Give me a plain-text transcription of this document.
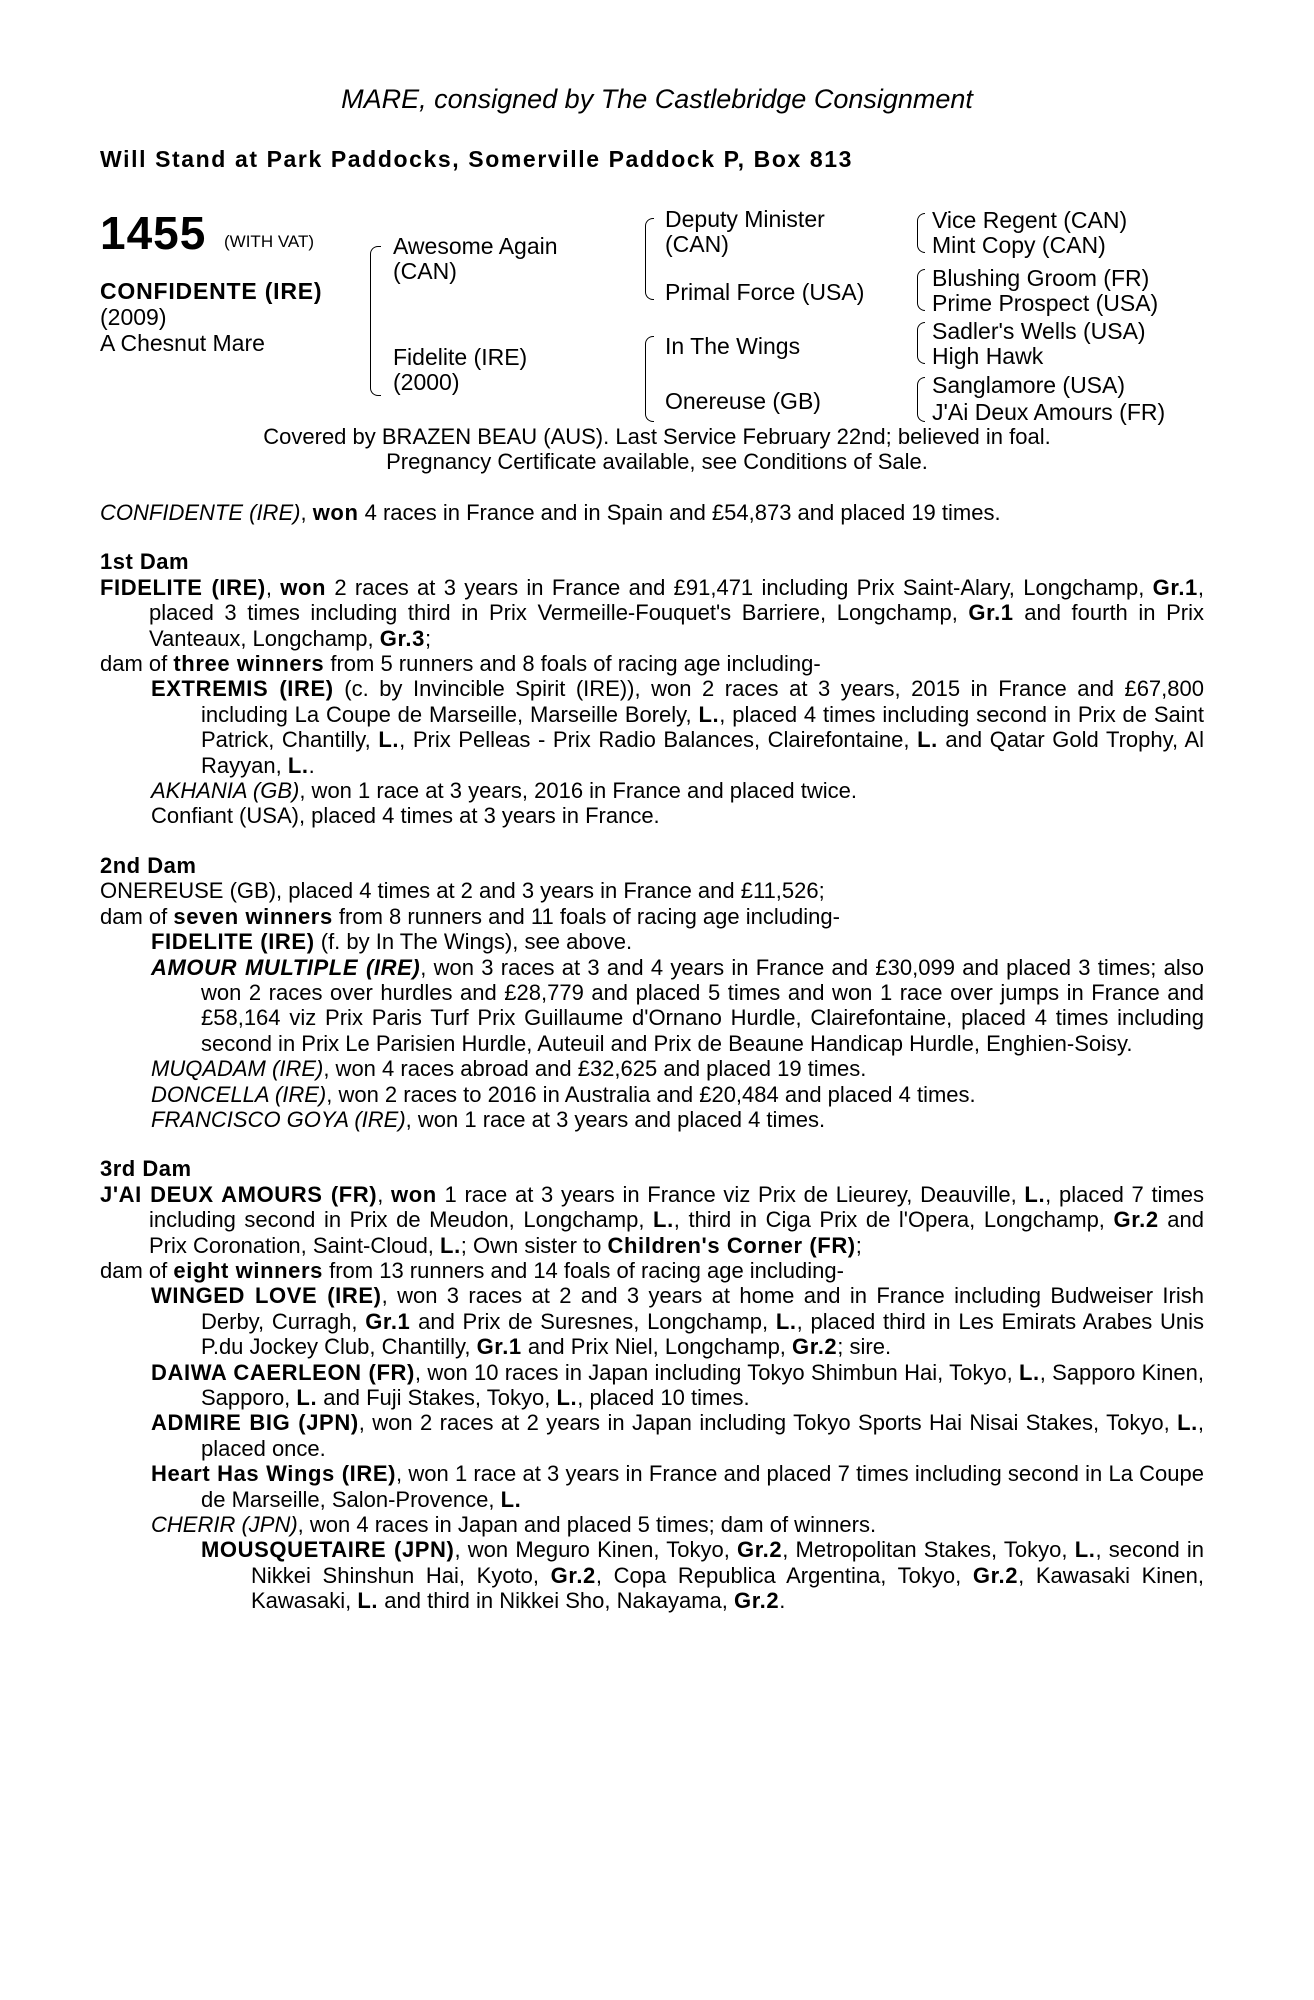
MARE, consigned by The Castlebridge Consignment
Will Stand at Park Paddocks, Somerville Paddock P, Box 813
1455 (WITH VAT)
CONFIDENTE (IRE)
(2009)
A Chesnut Mare
Awesome Again
(CAN)
Fidelite (IRE)
(2000)
Deputy Minister
(CAN)
Primal Force (USA)
In The Wings
Onereuse (GB)
Vice Regent (CAN)
Mint Copy (CAN)
Blushing Groom (FR)
Prime Prospect (USA)
Sadler's Wells (USA)
High Hawk
Sanglamore (USA)
J'Ai Deux Amours (FR)
Covered by BRAZEN BEAU (AUS). Last Service February 22nd; believed in foal.
Pregnancy Certificate available, see Conditions of Sale.

CONFIDENTE (IRE), won 4 races in France and in Spain and £54,873 and placed 19 times.

1st Dam

FIDELITE (IRE), won 2 races at 3 years in France and £91,471 including Prix Saint-Alary, Longchamp, Gr.1, placed 3 times including third in Prix Vermeille-Fouquet's Barriere, Longchamp, Gr.1 and fourth in Prix Vanteaux, Longchamp, Gr.3;

dam of three winners from 5 runners and 8 foals of racing age including-

EXTREMIS (IRE) (c. by Invincible Spirit (IRE)), won 2 races at 3 years, 2015 in France and £67,800 including La Coupe de Marseille, Marseille Borely, L., placed 4 times including second in Prix de Saint Patrick, Chantilly, L., Prix Pelleas - Prix Radio Balances, Clairefontaine, L. and Qatar Gold Trophy, Al Rayyan, L..

AKHANIA (GB), won 1 race at 3 years, 2016 in France and placed twice.

Confiant (USA), placed 4 times at 3 years in France.

2nd Dam

ONEREUSE (GB), placed 4 times at 2 and 3 years in France and £11,526;

dam of seven winners from 8 runners and 11 foals of racing age including-

FIDELITE (IRE) (f. by In The Wings), see above.

AMOUR MULTIPLE (IRE), won 3 races at 3 and 4 years in France and £30,099 and placed 3 times; also won 2 races over hurdles and £28,779 and placed 5 times and won 1 race over jumps in France and £58,164 viz Prix Paris Turf Prix Guillaume d'Ornano Hurdle, Clairefontaine, placed 4 times including second in Prix Le Parisien Hurdle, Auteuil and Prix de Beaune Handicap Hurdle, Enghien-Soisy.

MUQADAM (IRE), won 4 races abroad and £32,625 and placed 19 times.

DONCELLA (IRE), won 2 races to 2016 in Australia and £20,484 and placed 4 times.

FRANCISCO GOYA (IRE), won 1 race at 3 years and placed 4 times.

3rd Dam

J'AI DEUX AMOURS (FR), won 1 race at 3 years in France viz Prix de Lieurey, Deauville, L., placed 7 times including second in Prix de Meudon, Longchamp, L., third in Ciga Prix de l'Opera, Longchamp, Gr.2 and Prix Coronation, Saint-Cloud, L.; Own sister to Children's Corner (FR);

dam of eight winners from 13 runners and 14 foals of racing age including-

WINGED LOVE (IRE), won 3 races at 2 and 3 years at home and in France including Budweiser Irish Derby, Curragh, Gr.1 and Prix de Suresnes, Longchamp, L., placed third in Les Emirats Arabes Unis P.du Jockey Club, Chantilly, Gr.1 and Prix Niel, Longchamp, Gr.2; sire.

DAIWA CAERLEON (FR), won 10 races in Japan including Tokyo Shimbun Hai, Tokyo, L., Sapporo Kinen, Sapporo, L. and Fuji Stakes, Tokyo, L., placed 10 times.

ADMIRE BIG (JPN), won 2 races at 2 years in Japan including Tokyo Sports Hai Nisai Stakes, Tokyo, L., placed once.

Heart Has Wings (IRE), won 1 race at 3 years in France and placed 7 times including second in La Coupe de Marseille, Salon-Provence, L.

CHERIR (JPN), won 4 races in Japan and placed 5 times; dam of winners.

MOUSQUETAIRE (JPN), won Meguro Kinen, Tokyo, Gr.2, Metropolitan Stakes, Tokyo, L., second in Nikkei Shinshun Hai, Kyoto, Gr.2, Copa Republica Argentina, Tokyo, Gr.2, Kawasaki Kinen, Kawasaki, L. and third in Nikkei Sho, Nakayama, Gr.2.
